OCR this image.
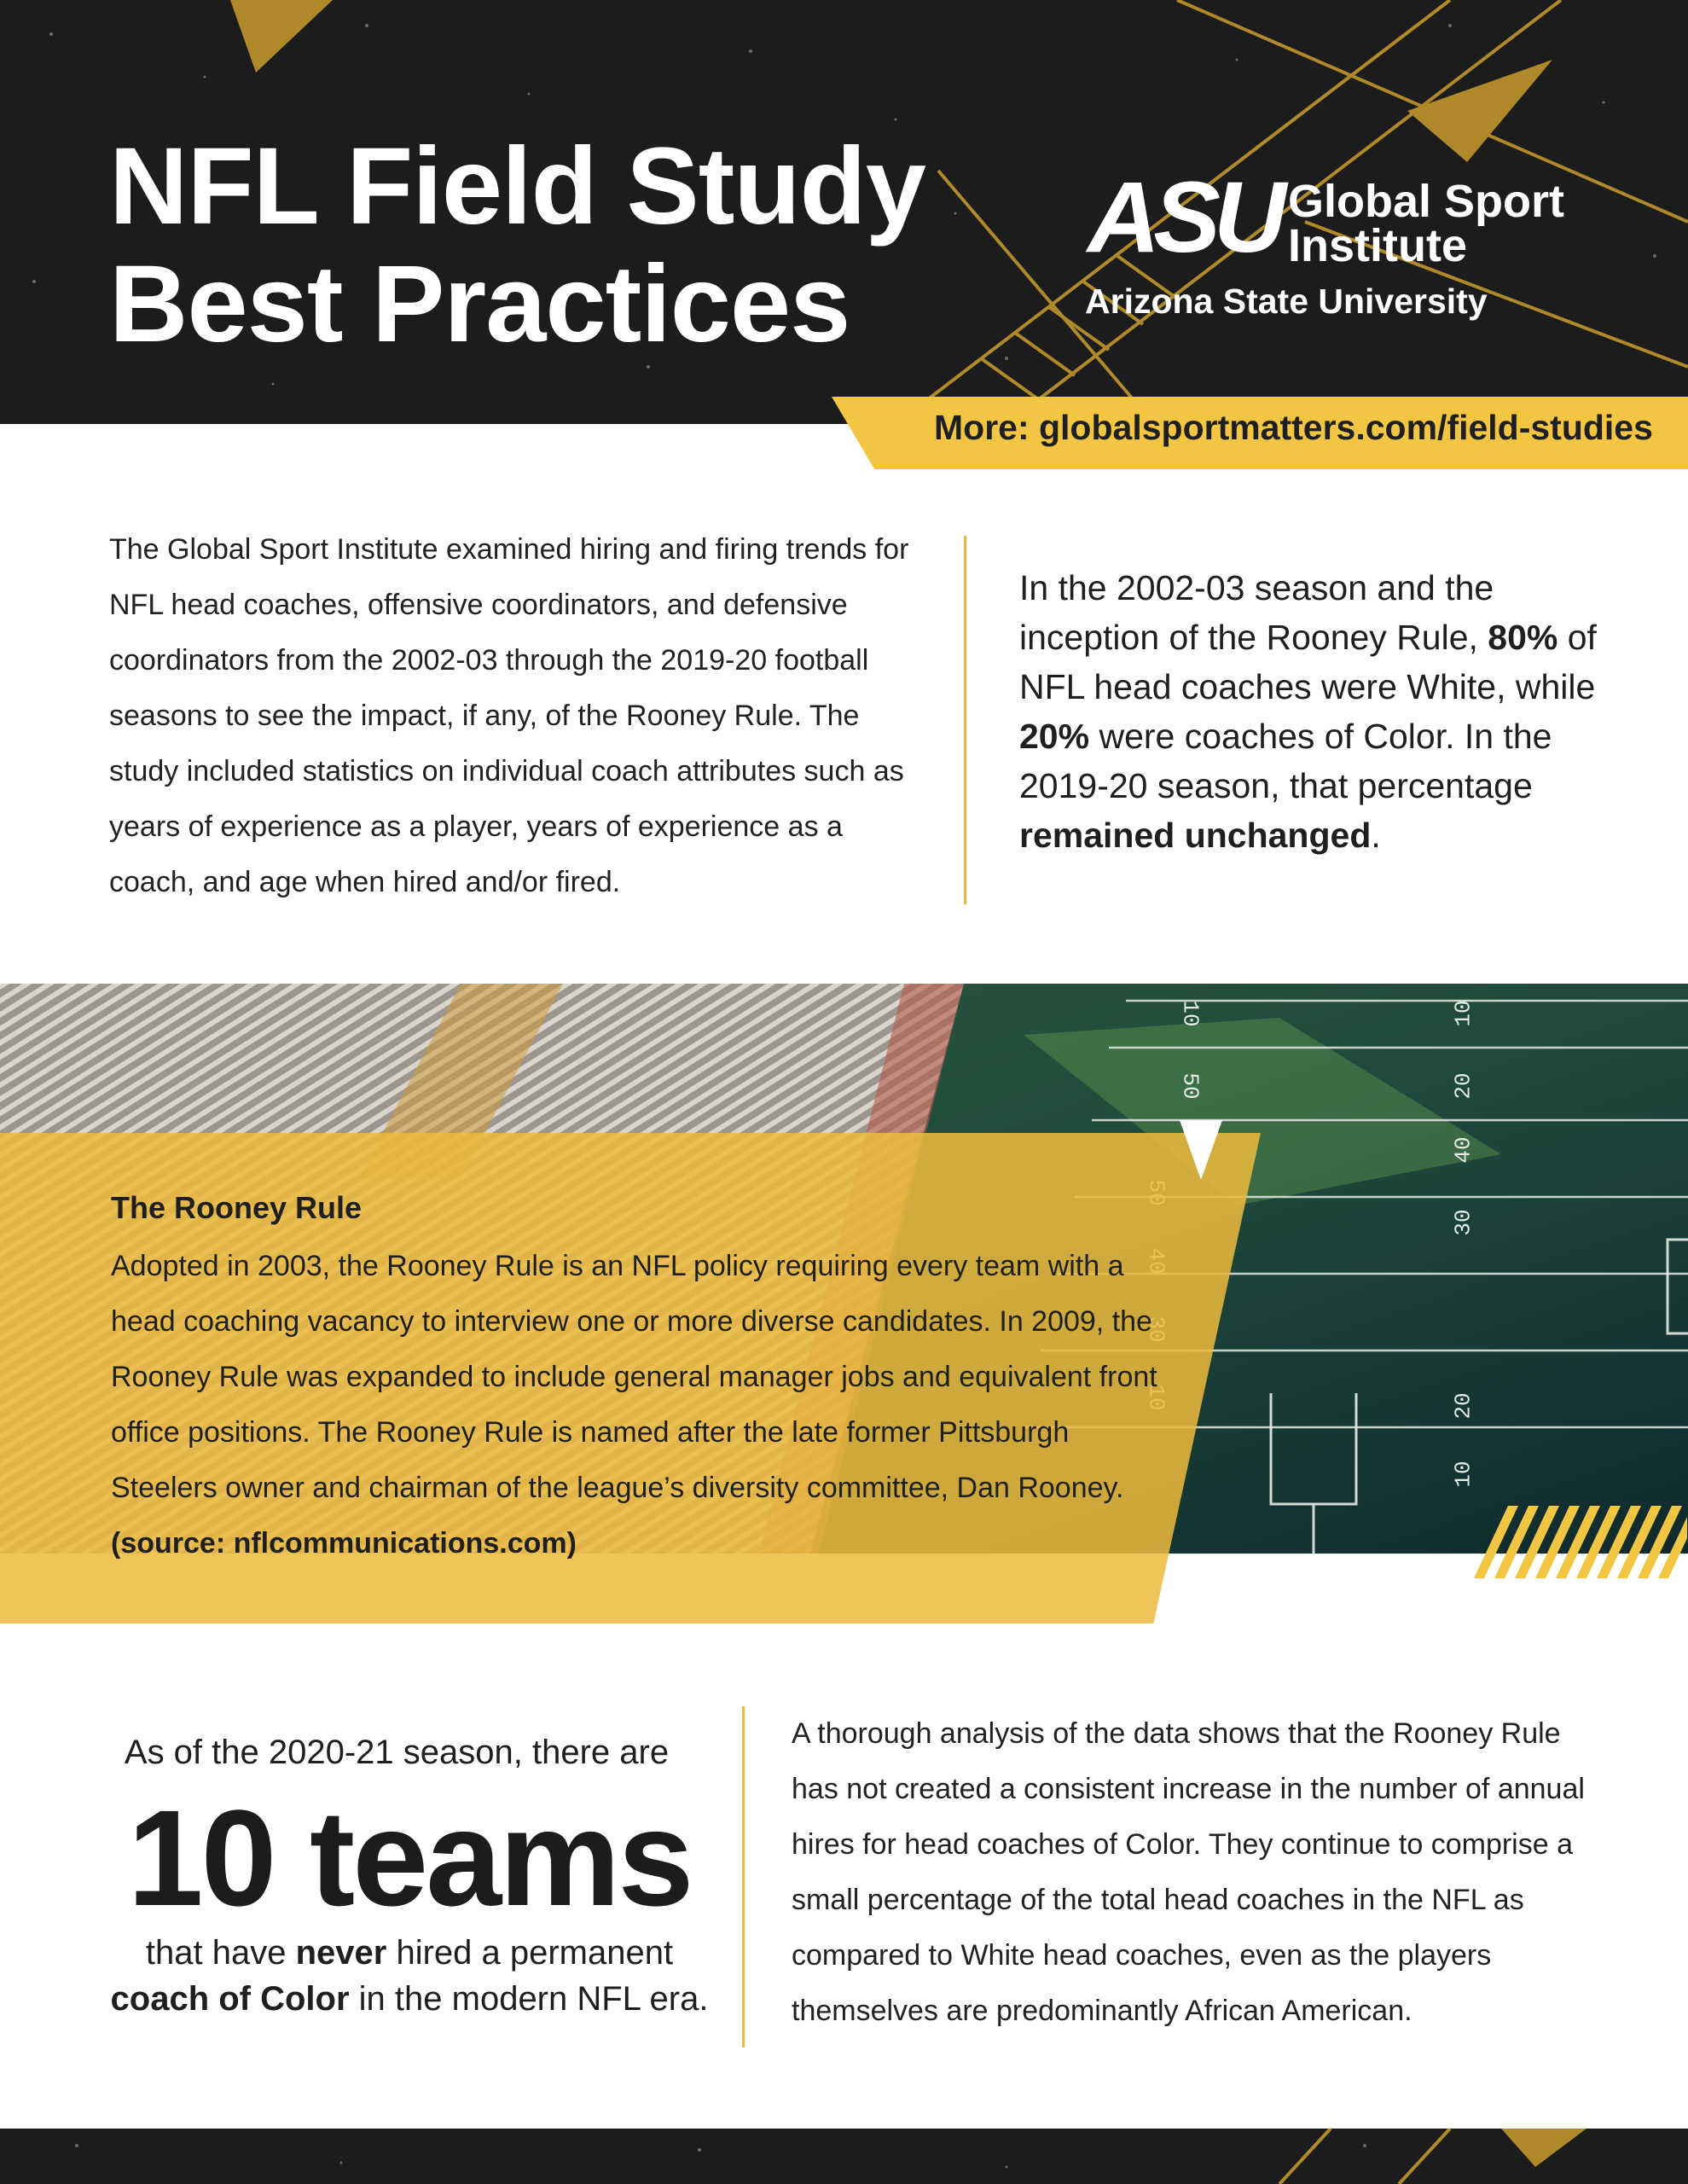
NFL Field Study
Best Practices
ASU Global Sport
Institute
Arizona State University
More: globalsportmatters.com/field-studies

The Global Sport Institute examined hiring and firing trends for NFL head coaches, offensive coordinators, and defensive coordinators from the 2002-03 through the 2019-20 football seasons to see the impact, if any, of the Rooney Rule. The study included statistics on individual coach attributes such as years of experience as a player, years of experience as a coach, and age when hired and/or fired.

In the 2002-03 season and the inception of the Rooney Rule, 80% of NFL head coaches were White, while 20% were coaches of Color. In the 2019-20 season, that percentage remained unchanged.

10
50
40
30
20
10
10
20
The Rooney Rule

Adopted in 2003, the Rooney Rule is an NFL policy requiring every team with a head coaching vacancy to interview one or more diverse candidates. In 2009, the Rooney Rule was expanded to include general manager jobs and equivalent front office positions. The Rooney Rule is named after the late former Pittsburgh Steelers owner and chairman of the league’s diversity committee, Dan Rooney.
(source: nflcommunications.com)

As of the 2020-21 season, there are

10 teams

that have never hired a permanent
coach of Color in the modern NFL era.

A thorough analysis of the data shows that the Rooney Rule has not created a consistent increase in the number of annual hires for head coaches of Color. They continue to comprise a small percentage of the total head coaches in the NFL as compared to White head coaches, even as the players themselves are predominantly African American.
